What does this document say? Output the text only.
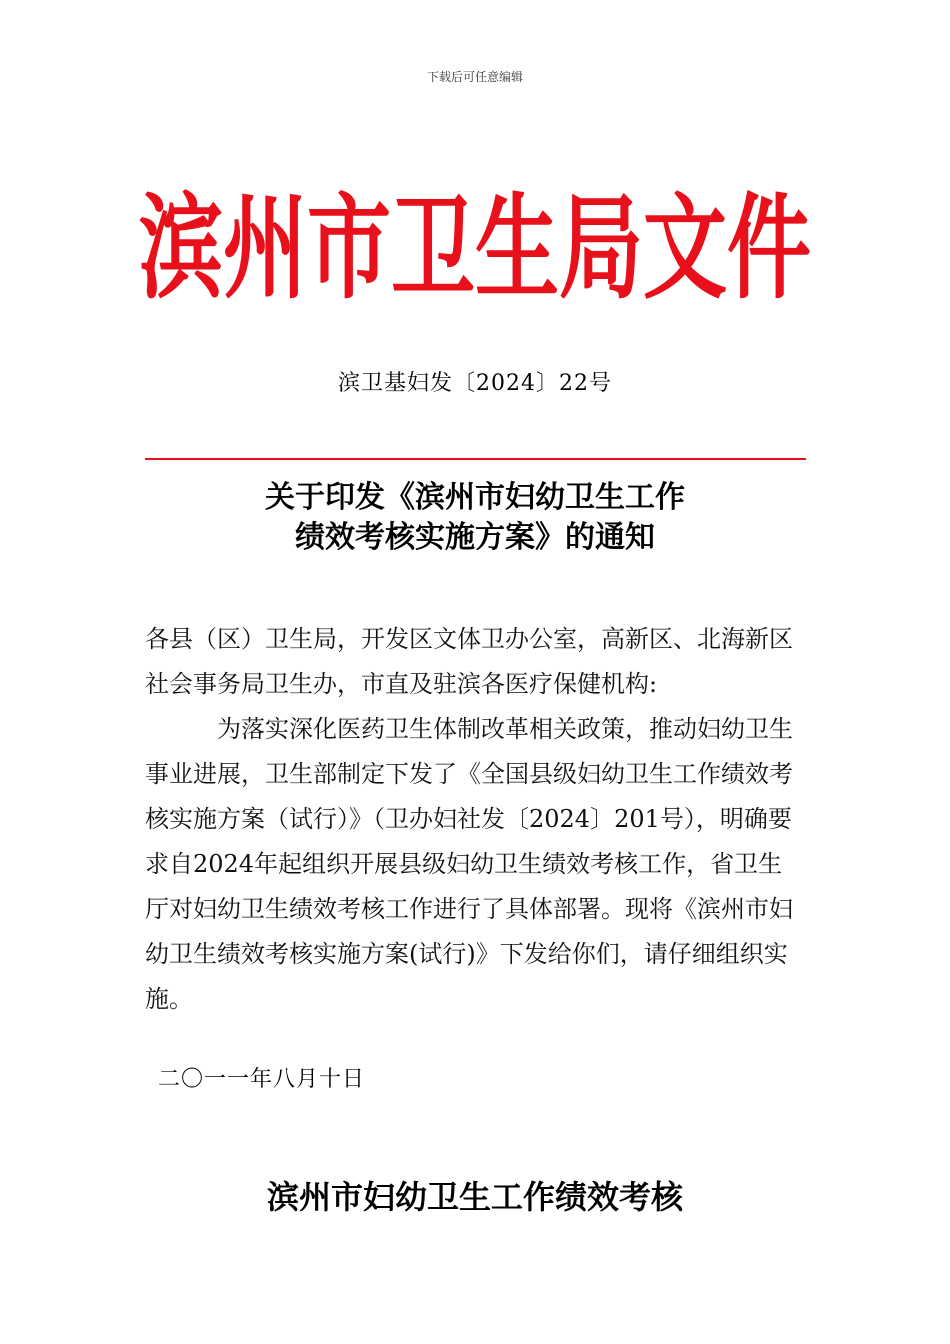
下载后可任意编辑
滨州市卫生局文件
滨卫基妇发〔2024〕22号
关于印发《滨州市妇幼卫生工作
绩效考核实施方案》的通知
各县（区）卫生局，开发区文体卫办公室，高新区、北海新区社会事务局卫生办，市直及驻滨各医疗保健机构:
为落实深化医药卫生体制改革相关政策，推动妇幼卫生事业进展，卫生部制定下发了《全国县级妇幼卫生工作绩效考核实施方案（试行）》（卫办妇社发〔2024〕201号），明确要求自2024年起组织开展县级妇幼卫生绩效考核工作，省卫生厅对妇幼卫生绩效考核工作进行了具体部署。现将《滨州市妇幼卫生绩效考核实施方案(试行)》下发给你们，请仔细组织实施。
二〇一一年八月十日
滨州市妇幼卫生工作绩效考核
